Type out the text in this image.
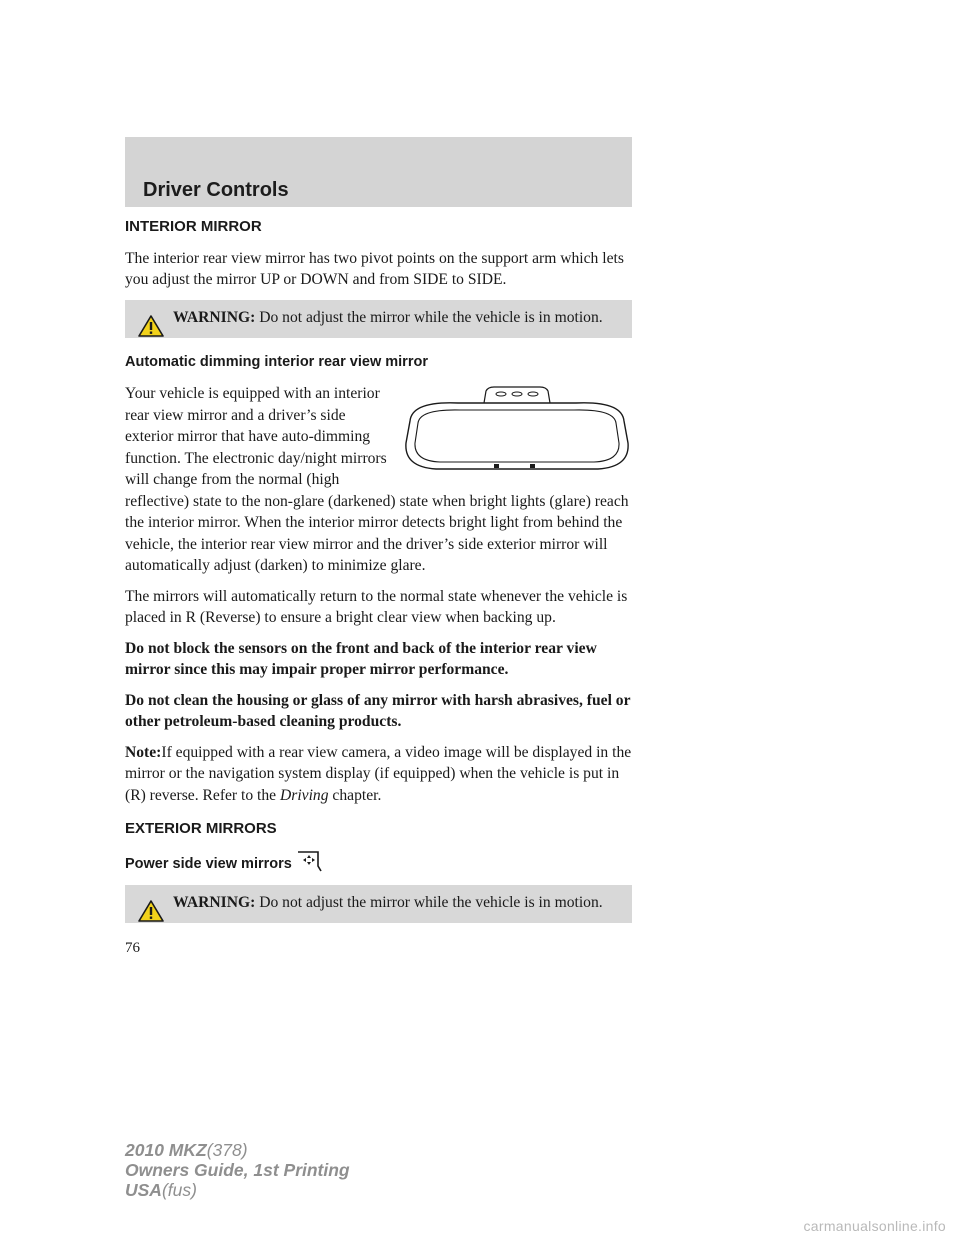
Driver Controls
INTERIOR MIRROR

The interior rear view mirror has two pivot points on the support arm which lets you adjust the mirror UP or DOWN and from SIDE to SIDE.

WARNING: Do not adjust the mirror while the vehicle is in motion.
Automatic dimming interior rear view mirror

Your vehicle is equipped with an interior rear view mirror and a driver’s side exterior mirror that have auto-dimming function. The electronic day/night mirrors will change from the normal (high reflective) state to the non-glare (darkened) state when bright lights (glare) reach the interior mirror. When the interior mirror detects bright light from behind the vehicle, the interior rear view mirror and the driver’s side exterior mirror will automatically adjust (darken) to minimize glare.

The mirrors will automatically return to the normal state whenever the vehicle is placed in R (Reverse) to ensure a bright clear view when backing up.

Do not block the sensors on the front and back of the interior rear view mirror since this may impair proper mirror performance.

Do not clean the housing or glass of any mirror with harsh abrasives, fuel or other petroleum-based cleaning products.

Note:If equipped with a rear view camera, a video image will be displayed in the mirror or the navigation system display (if equipped) when the vehicle is put in (R) reverse. Refer to the Driving chapter.

EXTERIOR MIRRORS
Power side view mirrors
WARNING: Do not adjust the mirror while the vehicle is in motion.
76
2010 MKZ(378)
Owners Guide, 1st Printing
USA(fus)
carmanualsonline.info
